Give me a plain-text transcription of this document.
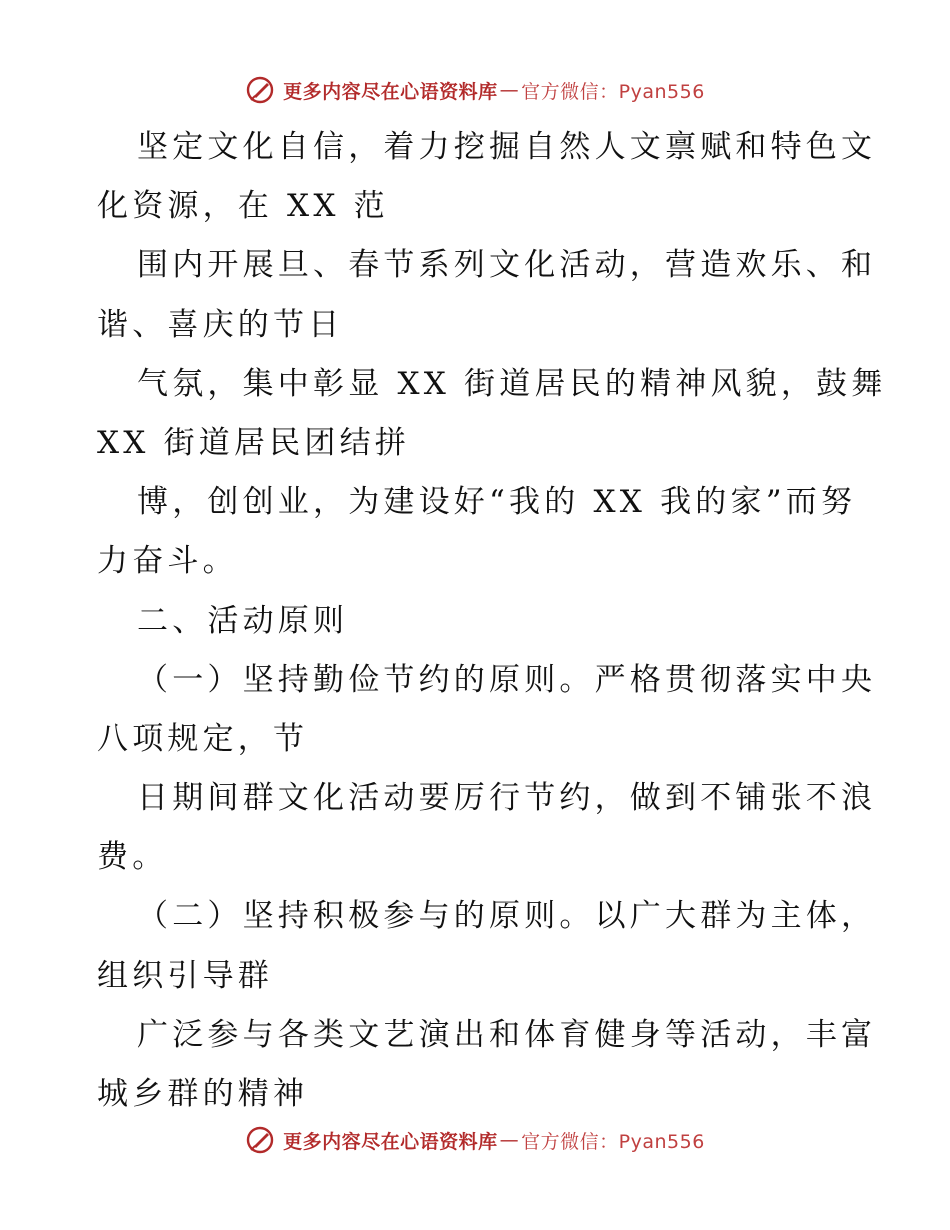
更多内容尽在心语资料库 — 官方微信：Pyan556
坚定文化自信，着力挖掘自然人文禀赋和特色文
化资源，在 XX 范
围内开展旦、春节系列文化活动，营造欢乐、和
谐、喜庆的节日
气氛，集中彰显 XX 街道居民的精神风貌，鼓舞
XX 街道居民团结拼
博，创创业，为建设好“我的 XX 我的家”而努
力奋斗。
二、活动原则
（一）坚持勤俭节约的原则。严格贯彻落实中央
八项规定，节
日期间群文化活动要厉行节约，做到不铺张不浪
费。
（二）坚持积极参与的原则。以广大群为主体，
组织引导群
广泛参与各类文艺演出和体育健身等活动，丰富
城乡群的精神
更多内容尽在心语资料库 — 官方微信：Pyan556
